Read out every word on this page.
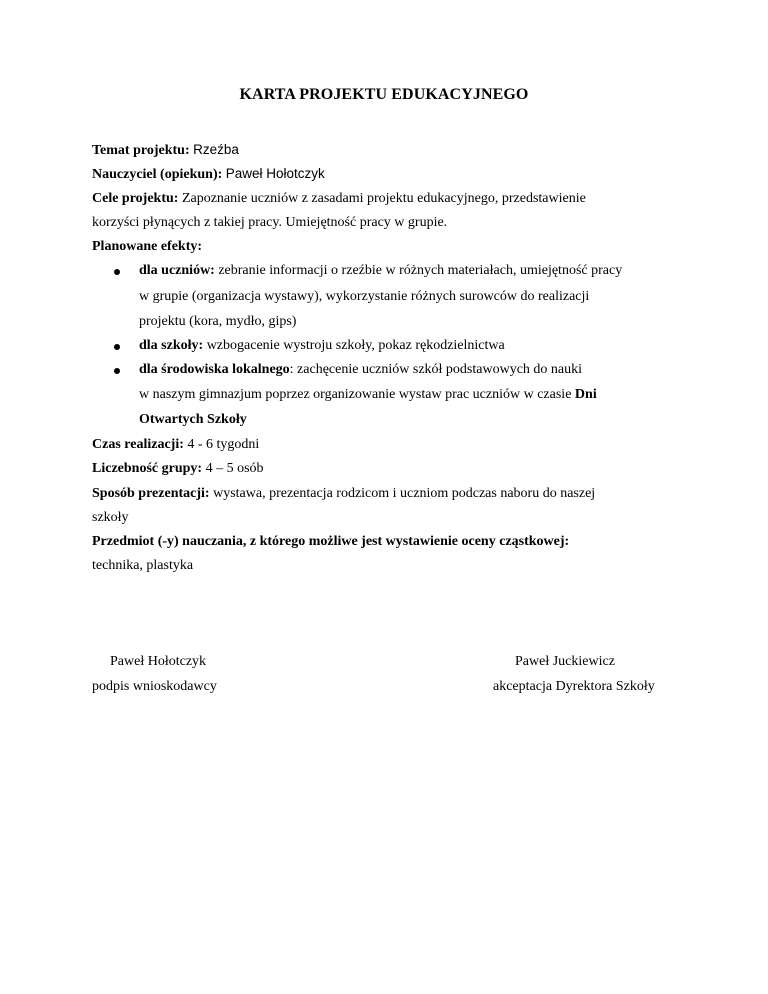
KARTA PROJEKTU EDUKACYJNEGO
Temat projektu: Rzeźba
Nauczyciel (opiekun): Paweł Hołotczyk
Cele projektu: Zapoznanie uczniów z zasadami projektu edukacyjnego, przedstawienie
korzyści płynących z takiej pracy. Umiejętność pracy w grupie.
Planowane efekty:
dla uczniów: zebranie informacji o rzeźbie w różnych materiałach, umiejętność pracy
w grupie (organizacja wystawy), wykorzystanie różnych surowców do realizacji
projektu (kora, mydło, gips)
dla szkoły: wzbogacenie wystroju szkoły, pokaz rękodzielnictwa
dla środowiska lokalnego: zachęcenie uczniów szkół podstawowych do nauki
w naszym gimnazjum poprzez organizowanie wystaw prac uczniów w czasie Dni
Otwartych Szkoły
Czas realizacji: 4 - 6 tygodni
Liczebność grupy: 4 – 5 osób
Sposób prezentacji: wystawa, prezentacja rodzicom i uczniom podczas naboru do naszej
szkoły
Przedmiot (-y) nauczania, z którego możliwe jest wystawienie oceny cząstkowej:
technika, plastyka
Paweł Hołotczyk
podpis wnioskodawcy
Paweł Juckiewicz
akceptacja Dyrektora Szkoły
